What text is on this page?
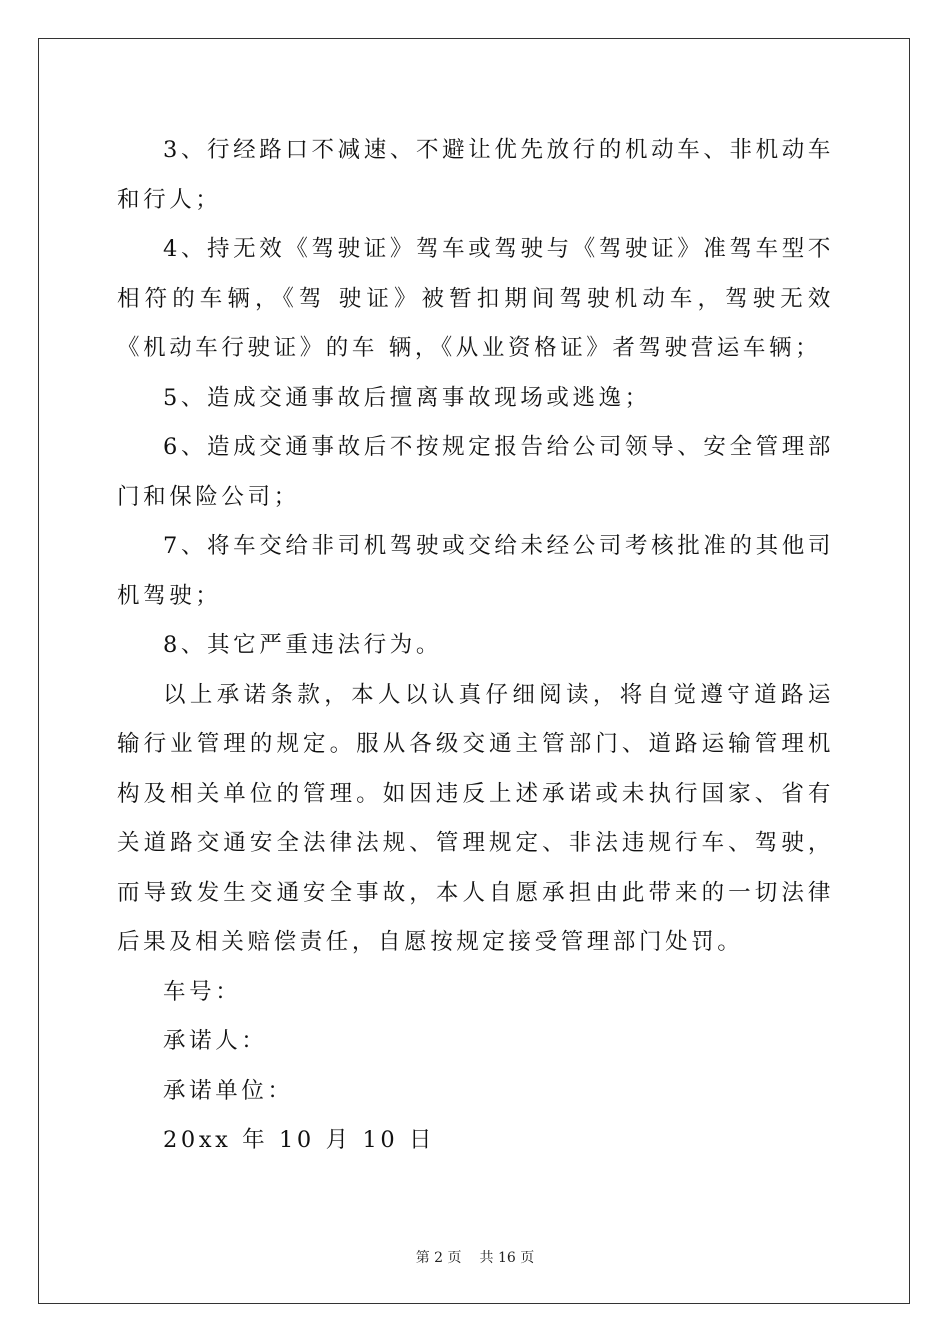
3、行经路口不减速、不避让优先放行的机动车、非机动车和行人；

4、持无效《驾驶证》驾车或驾驶与《驾驶证》准驾车型不相符的车辆，《驾 驶证》被暂扣期间驾驶机动车，驾驶无效《机动车行驶证》的车 辆，《从业资格证》者驾驶营运车辆；

5、造成交通事故后擅离事故现场或逃逸；

6、造成交通事故后不按规定报告给公司领导、安全管理部门和保险公司；

7、将车交给非司机驾驶或交给未经公司考核批准的其他司机驾驶；

8、其它严重违法行为。

以上承诺条款，本人以认真仔细阅读，将自觉遵守道路运输行业管理的规定。服从各级交通主管部门、道路运输管理机构及相关单位的管理。如因违反上述承诺或未执行国家、省有关道路交通安全法律法规、管理规定、非法违规行车、驾驶，而导致发生交通安全事故，本人自愿承担由此带来的一切法律后果及相关赔偿责任，自愿按规定接受管理部门处罚。

车号：

承诺人：

承诺单位：

20xx 年 10 月 10 日

第 2 页 共 16 页
